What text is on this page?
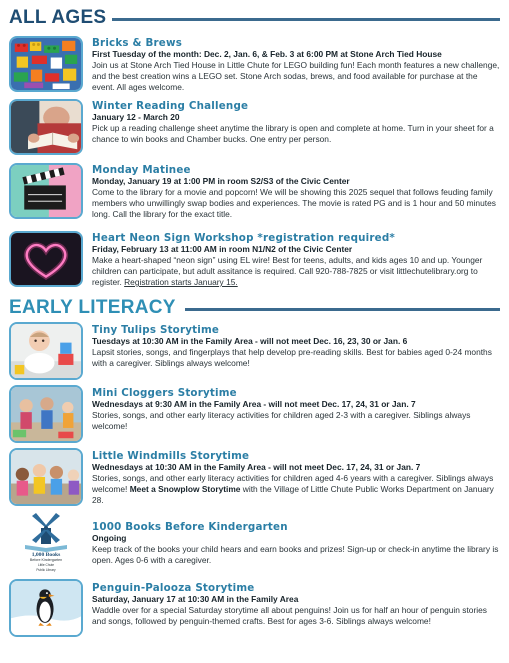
ALL AGES
Bricks & Brews
First Tuesday of the month: Dec. 2, Jan. 6, & Feb. 3 at 6:00 PM at Stone Arch Tied House
Join us at Stone Arch Tied House in Little Chute for LEGO building fun! Each month features a new challenge, and the best creation wins a LEGO set. Stone Arch sodas, brews, and food available for purchase at the event. All ages welcome.
Winter Reading Challenge
January 12 - March 20
Pick up a reading challenge sheet anytime the library is open and complete at home. Turn in your sheet for a chance to win books and Chamber bucks. One entry per person.
Monday Matinee
Monday, January 19 at 1:00 PM in room S2/S3 of the Civic Center
Come to the library for a movie and popcorn! We will be showing this 2025 sequel that follows feuding family members who unwillingly swap bodies and experiences. The movie is rated PG and is 1 hour and 50 minutes long. Call the library for the exact title.
Heart Neon Sign Workshop *registration required*
Friday, February 13 at 11:00 AM in room N1/N2 of the Civic Center
Make a heart-shaped “neon sign” using EL wire! Best for teens, adults, and kids ages 10 and up. Younger children can participate, but adult assitance is required. Call 920-788-7825 or visit littlechutelibrary.org to register. Registration starts January 15.
EARLY LITERACY
Tiny Tulips Storytime
Tuesdays at 10:30 AM in the Family Area - will not meet Dec. 16, 23, 30 or Jan. 6
Lapsit stories, songs, and fingerplays that help develop pre-reading skills. Best for babies aged 0-24 months with a caregiver. Siblings always welcome!
Mini Cloggers Storytime
Wednesdays at 9:30 AM in the Family Area - will not meet Dec. 17, 24, 31 or Jan. 7
Stories, songs, and other early literacy activities for children aged 2-3 with a caregiver. Siblings always welcome!
Little Windmills Storytime
Wednesdays at 10:30 AM in the Family Area - will not meet Dec. 17, 24, 31 or Jan. 7
Stories, songs, and other early literacy activities for children aged 4-6 years with a caregiver. Siblings always welcome! Meet a Snowplow Storytime with the Village of Little Chute Public Works Department on January 28.
1,000 Books
Before Kindergarten
Little Chute
Public Library
1000 Books Before Kindergarten
Ongoing
Keep track of the books your child hears and earn books and prizes! Sign-up or check-in anytime the library is open. Ages 0-6 with a caregiver.
Penguin-Palooza Storytime
Saturday, January 17 at 10:30 AM in the Family Area
Waddle over for a special Saturday storytime all about penguins! Join us for half an hour of penguin stories and songs, followed by penguin-themed crafts. Best for ages 3-6. Siblings always welcome!
